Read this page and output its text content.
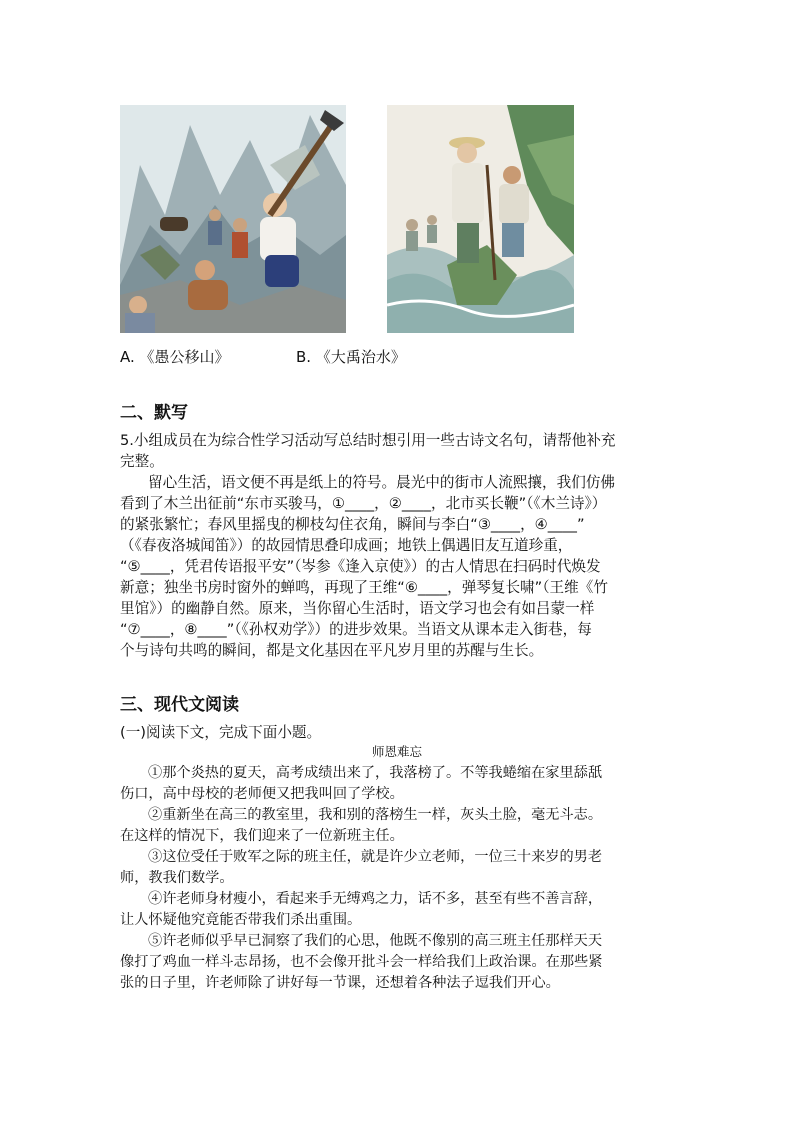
A. 《愚公移山》	B. 《大禹治水》
二、默写
5.小组成员在为综合性学习活动写总结时想引用一些古诗文名句，请帮他补充
完整。
留心生活，语文便不再是纸上的符号。晨光中的街市人流熙攘，我们仿佛
看到了木兰出征前“东市买骏马，①____，②____，北市买长鞭”（《木兰诗》）
的紧张繁忙；春风里摇曳的柳枝勾住衣角，瞬间与李白“③____，④____”
（《春夜洛城闻笛》）的故园情思叠印成画；地铁上偶遇旧友互道珍重，
“⑤____，凭君传语报平安”（岑参《逢入京使》）的古人情思在扫码时代焕发
新意；独坐书房时窗外的蝉鸣，再现了王维“⑥____，弹琴复长啸”（王维《竹
里馆》）的幽静自然。原来，当你留心生活时，语文学习也会有如吕蒙一样
“⑦____，⑧____”（《孙权劝学》）的进步效果。当语文从课本走入街巷，每
个与诗句共鸣的瞬间，都是文化基因在平凡岁月里的苏醒与生长。
三、现代文阅读
(一)阅读下文，完成下面小题。
师恩难忘
①那个炎热的夏天，高考成绩出来了，我落榜了。不等我蜷缩在家里舔舐
伤口，高中母校的老师便又把我叫回了学校。
②重新坐在高三的教室里，我和别的落榜生一样，灰头土脸，毫无斗志。
在这样的情况下，我们迎来了一位新班主任。
③这位受任于败军之际的班主任，就是许少立老师，一位三十来岁的男老
师，教我们数学。
④许老师身材瘦小，看起来手无缚鸡之力，话不多，甚至有些不善言辞，
让人怀疑他究竟能否带我们杀出重围。
⑤许老师似乎早已洞察了我们的心思，他既不像别的高三班主任那样天天
像打了鸡血一样斗志昂扬，也不会像开批斗会一样给我们上政治课。在那些紧
张的日子里，许老师除了讲好每一节课，还想着各种法子逗我们开心。
